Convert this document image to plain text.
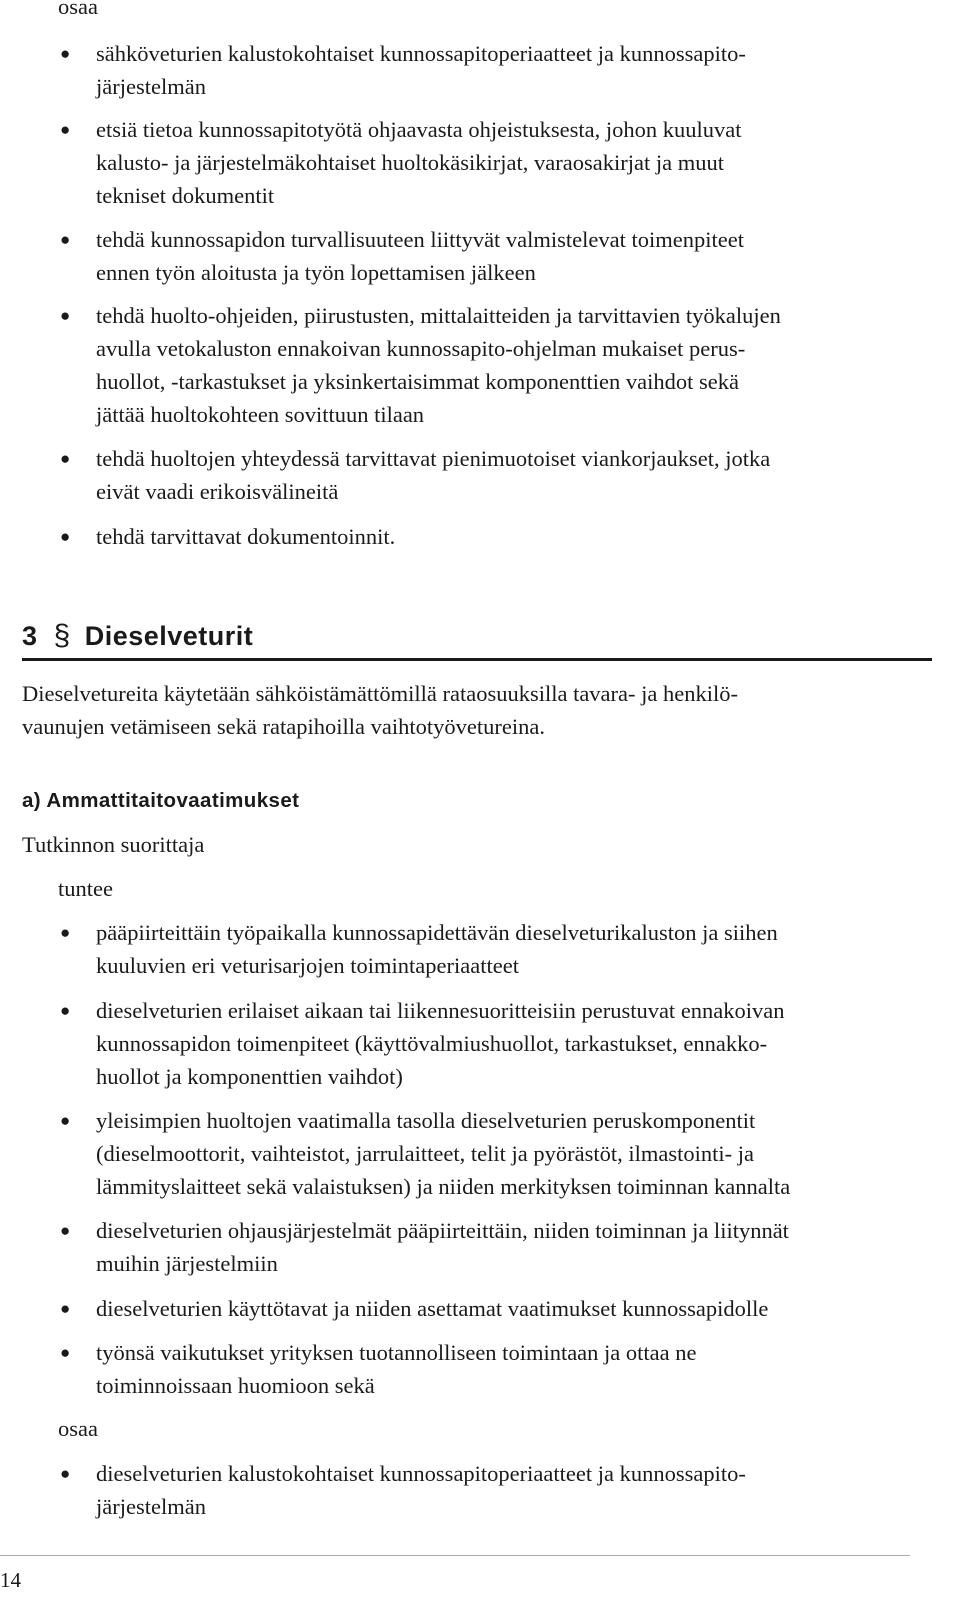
osaa
● sähköveturien kalustokohtaiset kunnossapitoperiaatteet ja kunnossapito-
järjestelmän
● etsiä tietoa kunnossapitotyötä ohjaavasta ohjeistuksesta, johon kuuluvat
kalusto- ja järjestelmäkohtaiset huoltokäsikirjat, varaosakirjat ja muut
tekniset dokumentit
● tehdä kunnossapidon turvallisuuteen liittyvät valmistelevat toimenpiteet
ennen työn aloitusta ja työn lopettamisen jälkeen
● tehdä huolto-ohjeiden, piirustusten, mittalaitteiden ja tarvittavien työkalujen
avulla vetokaluston ennakoivan kunnossapito-ohjelman mukaiset perus-
huollot, -tarkastukset ja yksinkertaisimmat komponenttien vaihdot sekä
jättää huoltokohteen sovittuun tilaan
● tehdä huoltojen yhteydessä tarvittavat pienimuotoiset viankorjaukset, jotka
eivät vaadi erikoisvälineitä
● tehdä tarvittavat dokumentoinnit.
3 § Dieselveturit
Dieselvetureita käytetään sähköistämättömillä rataosuuksilla tavara- ja henkilö-
vaunujen vetämiseen sekä ratapihoilla vaihtotyövetureina.
a) Ammattitaitovaatimukset
Tutkinnon suorittaja
tuntee
● pääpiirteittäin työpaikalla kunnossapidettävän dieselveturikaluston ja siihen
kuuluvien eri veturisarjojen toimintaperiaatteet
● dieselveturien erilaiset aikaan tai liikennesuoritteisiin perustuvat ennakoivan
kunnossapidon toimenpiteet (käyttövalmiushuollot, tarkastukset, ennakko-
huollot ja komponenttien vaihdot)
● yleisimpien huoltojen vaatimalla tasolla dieselveturien peruskomponentit
(dieselmoottorit, vaihteistot, jarrulaitteet, telit ja pyörästöt, ilmastointi- ja
lämmityslaitteet sekä valaistuksen) ja niiden merkityksen toiminnan kannalta
● dieselveturien ohjausjärjestelmät pääpiirteittäin, niiden toiminnan ja liitynnät
muihin järjestelmiin
● dieselveturien käyttötavat ja niiden asettamat vaatimukset kunnossapidolle
● työnsä vaikutukset yrityksen tuotannolliseen toimintaan ja ottaa ne
toiminnoissaan huomioon sekä
osaa
● dieselveturien kalustokohtaiset kunnossapitoperiaatteet ja kunnossapito-
järjestelmän
14
